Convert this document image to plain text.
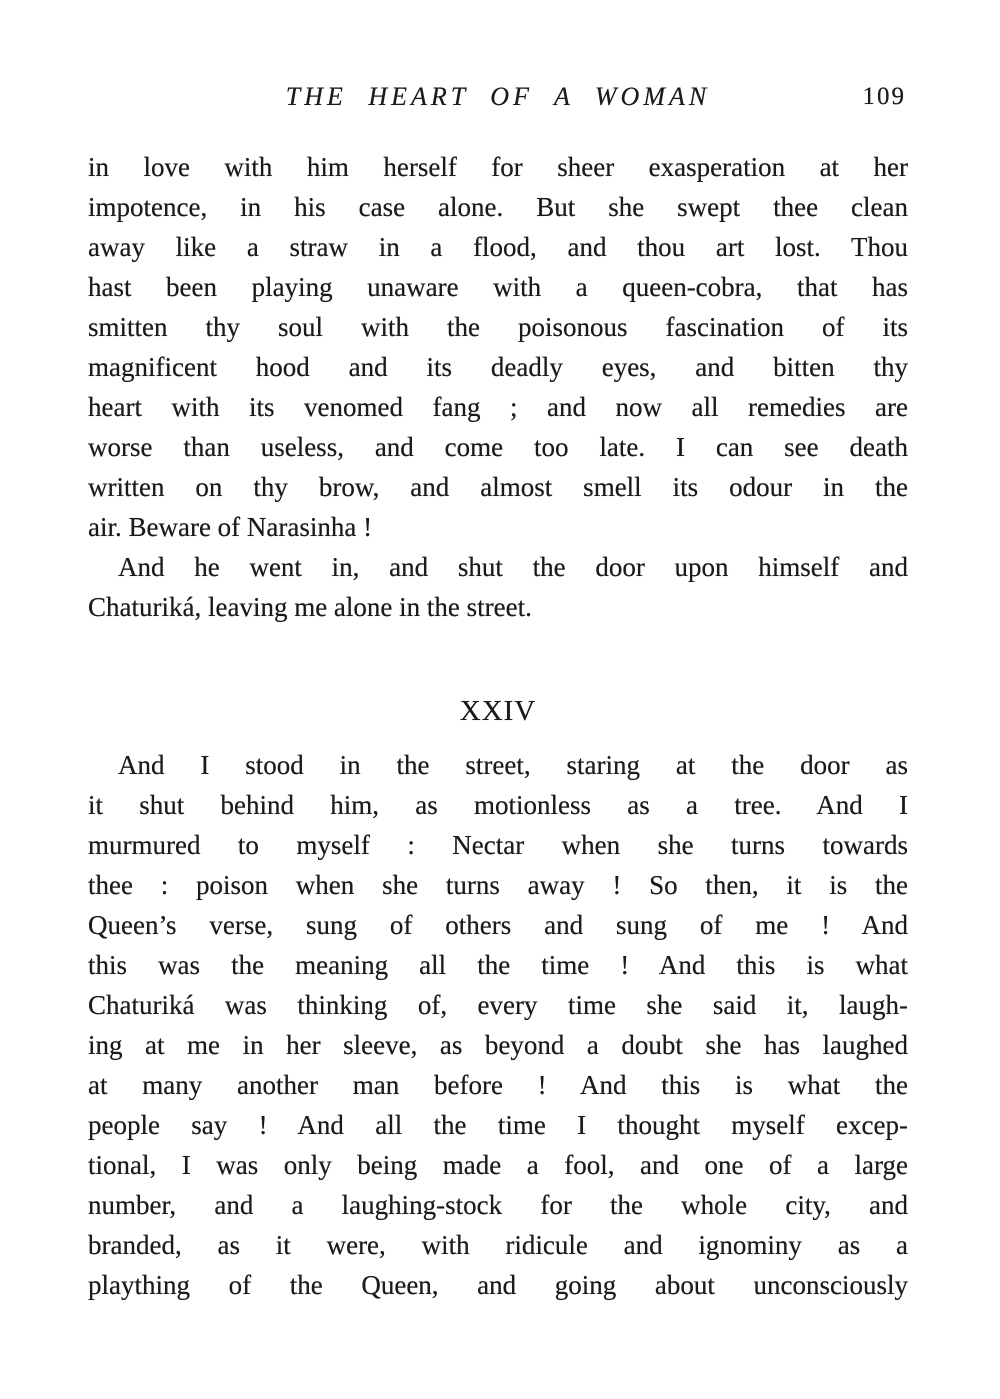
THE HEART OF A WOMAN	109
in love with him herself for sheer exasperation at her
impotence, in his case alone. But she swept thee clean
away like a straw in a flood, and thou art lost. Thou
hast been playing unaware with a queen-cobra, that has
smitten thy soul with the poisonous fascination of its
magnificent hood and its deadly eyes, and bitten thy
heart with its venomed fang ; and now all remedies are
worse than useless, and come too late. I can see death
written on thy brow, and almost smell its odour in the
air. Beware of Narasinha !
And he went in, and shut the door upon himself and
Chaturiká, leaving me alone in the street.
XXIV
And I stood in the street, staring at the door as
it shut behind him, as motionless as a tree. And I
murmured to myself : Nectar when she turns towards
thee : poison when she turns away ! So then, it is the
Queen’s verse, sung of others and sung of me ! And
this was the meaning all the time ! And this is what
Chaturiká was thinking of, every time she said it, laugh-
ing at me in her sleeve, as beyond a doubt she has laughed
at many another man before ! And this is what the
people say ! And all the time I thought myself excep-
tional, I was only being made a fool, and one of a large
number, and a laughing-stock for the whole city, and
branded, as it were, with ridicule and ignominy as a
plaything of the Queen, and going about unconsciously
